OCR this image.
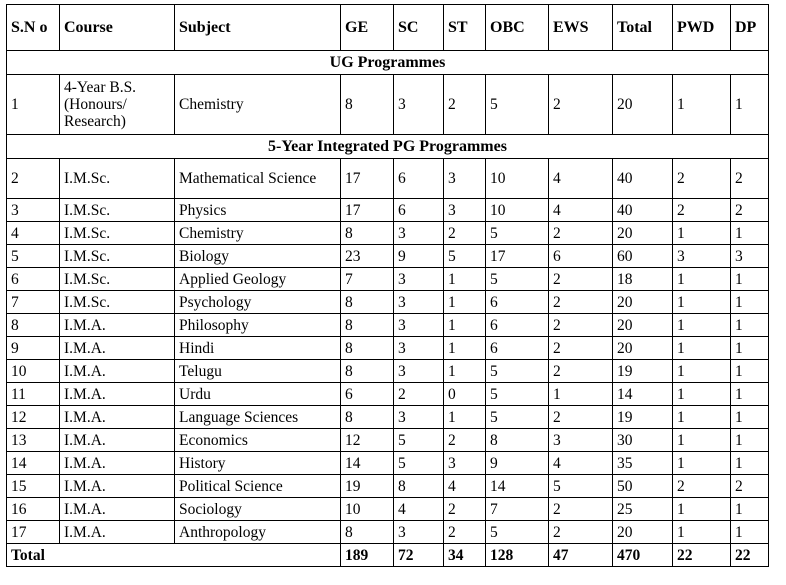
S.N o	Course	Subject	GE	SC	ST	OBC	EWS	Total	PWD	DP
UG Programmes										
1	4-Year B.S. (Honours/ Research)	Chemistry	8	3	2	5	2	20	1	1
5-Year Integrated PG Programmes										
2	I.M.Sc.	Mathematical Science	17	6	3	10	4	40	2	2
3	I.M.Sc.	Physics	17	6	3	10	4	40	2	2
4	I.M.Sc.	Chemistry	8	3	2	5	2	20	1	1
5	I.M.Sc.	Biology	23	9	5	17	6	60	3	3
6	I.M.Sc.	Applied Geology	7	3	1	5	2	18	1	1
7	I.M.Sc.	Psychology	8	3	1	6	2	20	1	1
8	I.M.A.	Philosophy	8	3	1	6	2	20	1	1
9	I.M.A.	Hindi	8	3	1	6	2	20	1	1
10	I.M.A.	Telugu	8	3	1	5	2	19	1	1
11	I.M.A.	Urdu	6	2	0	5	1	14	1	1
12	I.M.A.	Language Sciences	8	3	1	5	2	19	1	1
13	I.M.A.	Economics	12	5	2	8	3	30	1	1
14	I.M.A.	History	14	5	3	9	4	35	1	1
15	I.M.A.	Political Science	19	8	4	14	5	50	2	2
16	I.M.A.	Sociology	10	4	2	7	2	25	1	1
17	I.M.A.	Anthropology	8	3	2	5	2	20	1	1
Total			189	72	34	128	47	470	22	22
